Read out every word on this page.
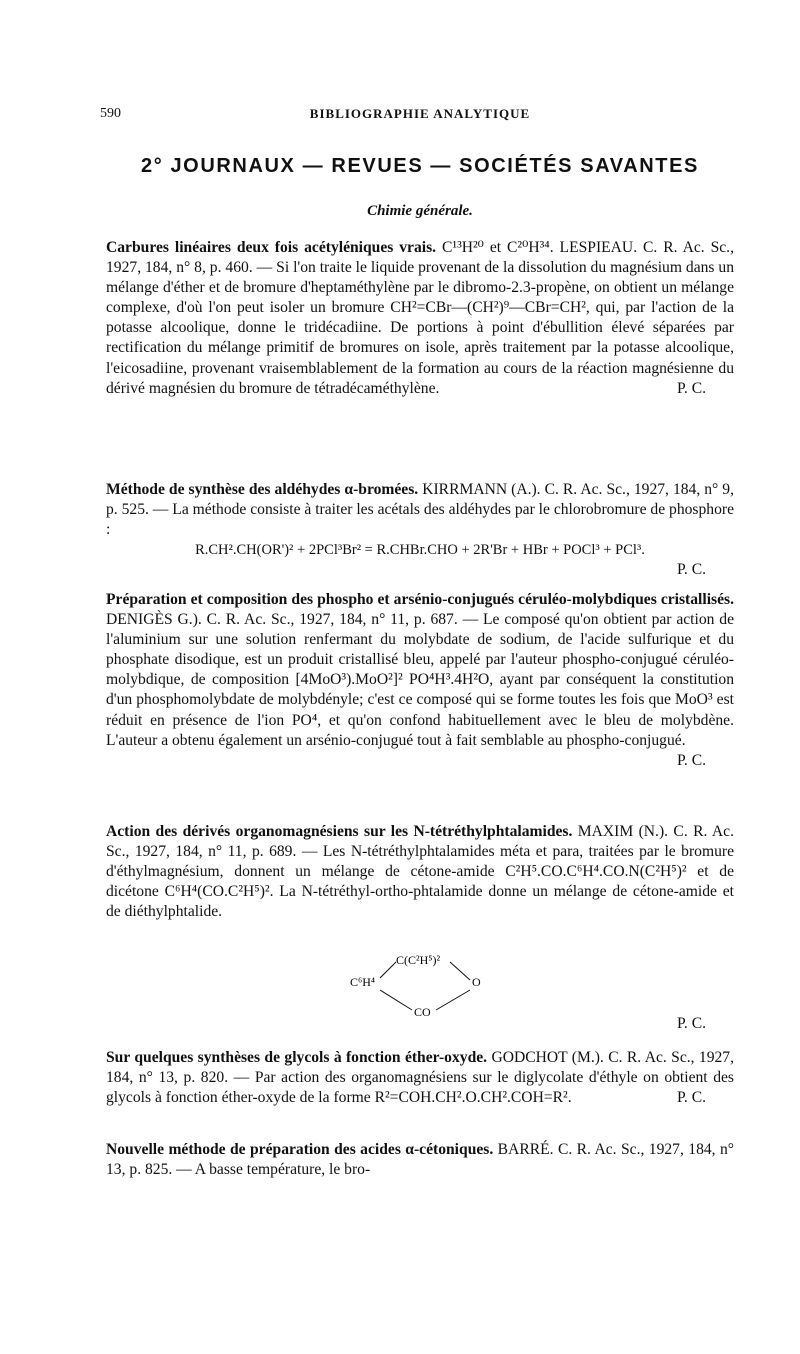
590	BIBLIOGRAPHIE ANALYTIQUE
2° JOURNAUX — REVUES — SOCIÉTÉS SAVANTES
Chimie générale.
Carbures linéaires deux fois acétyléniques vrais. C¹³H²⁰ et C²⁰H³⁴. LESPIEAU. C. R. Ac. Sc., 1927, 184, n° 8, p. 460. — Si l'on traite le liquide provenant de la dissolution du magnésium dans un mélange d'éther et de bromure d'heptaméthylène par le dibromo-2.3-propène, on obtient un mélange complexe, d'où l'on peut isoler un bromure CH²=CBr—(CH²)⁹—CBr=CH², qui, par l'action de la potasse alcoolique, donne le tridécadiine. De portions à point d'ébullition élevé séparées par rectification du mélange primitif de bromures on isole, après traitement par la potasse alcoolique, l'eicosadiine, provenant vraisemblablement de la formation au cours de la réaction magnésienne du dérivé magnésien du bromure de tétradécaméthylène.	P. C.
Méthode de synthèse des aldéhydes α-bromées. KIRRMANN (A.). C. R. Ac. Sc., 1927, 184, n° 9, p. 525. — La méthode consiste à traiter les acétals des aldéhydes par le chlorobromure de phosphore :
R.CH².CH(OR')² + 2PCl³Br² = R.CHBr.CHO + 2R'Br + HBr + POCl³ + PCl³.
P. C.
Préparation et composition des phospho et arsénio-conjugués céruléo-molybdiques cristallisés. DENIGÈS G.). C. R. Ac. Sc., 1927, 184, n° 11, p. 687. — Le composé qu'on obtient par action de l'aluminium sur une solution renfermant du molybdate de sodium, de l'acide sulfurique et du phosphate disodique, est un produit cristallisé bleu, appelé par l'auteur phospho-conjugué céruléo-molybdique, de composition [4MoO³).MoO²]² PO⁴H³.4H²O, ayant par conséquent la constitution d'un phosphomolybdate de molybdényle; c'est ce composé qui se forme toutes les fois que MoO³ est réduit en présence de l'ion PO⁴, et qu'on confond habituellement avec le bleu de molybdène. L'auteur a obtenu également un arsénio-conjugué tout à fait semblable au phospho-conjugué.
P. C.
Action des dérivés organomagnésiens sur les N-tétréthylphtalamides. MAXIM (N.). C. R. Ac. Sc., 1927, 184, n° 11, p. 689. — Les N-tétréthylphtalamides méta et para, traitées par le bromure d'éthylmagnésium, donnent un mélange de cétone-amide C²H⁵.CO.C⁶H⁴.CO.N(C²H⁵)² et de dicétone C⁶H⁴(CO.C²H⁵)². La N-tétréthyl-ortho-phtalamide donne un mélange de cétone-amide et de diéthylphtalide.
C⁶H⁴
C(C²H⁵)²
O
CO
P. C.
Sur quelques synthèses de glycols à fonction éther-oxyde. GODCHOT (M.). C. R. Ac. Sc., 1927, 184, n° 13, p. 820. — Par action des organomagnésiens sur le diglycolate d'éthyle on obtient des glycols à fonction éther-oxyde de la forme R²=COH.CH².O.CH².COH=R².	P. C.
Nouvelle méthode de préparation des acides α-cétoniques. BARRÉ. C. R. Ac. Sc., 1927, 184, n° 13, p. 825. — A basse température, le bro-
